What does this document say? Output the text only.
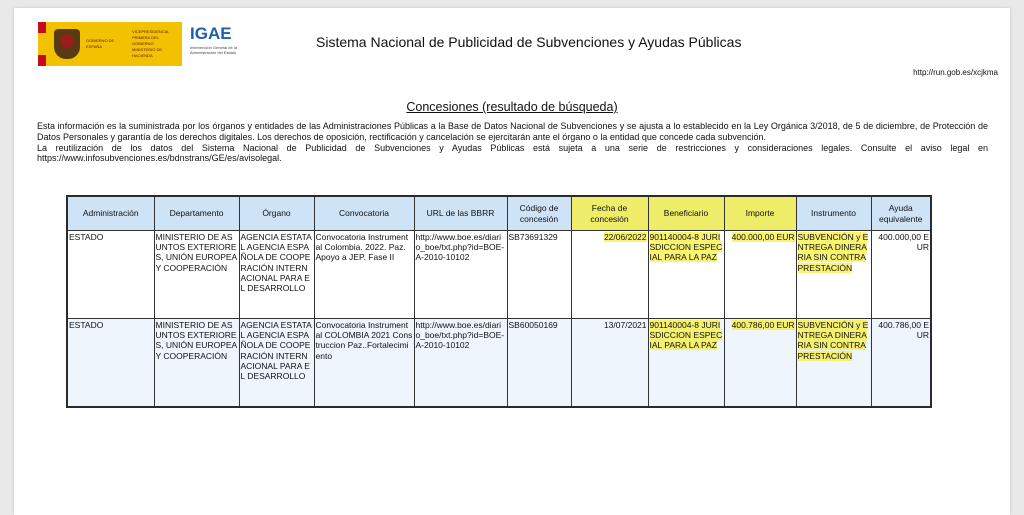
GOBIERNO DE ESPAÑA
VICEPRESIDENCIA PRIMERA DEL GOBIERNO
MINISTERIO DE HACIENDA
IGAE
Intervención General de la Administración del Estado
Sistema Nacional de Publicidad de Subvenciones y Ayudas Públicas
http://run.gob.es/xcjkma
Concesiones (resultado de búsqueda)

Esta información es la suministrada por los órganos y entidades de las Administraciones Públicas a la Base de Datos Nacional de Subvenciones y se ajusta a lo establecido en la Ley Orgánica 3/2018, de 5 de diciembre, de Protección de Datos Personales y garantía de los derechos digitales. Los derechos de oposición, rectificación y cancelación se ejercitarán ante el órgano o la entidad que concede cada subvención.

La reutilización de los datos del Sistema Nacional de Publicidad de Subvenciones y Ayudas Públicas está sujeta a una serie de restricciones y consideraciones legales. Consulte el aviso legal en https://www.infosubvenciones.es/bdnstrans/GE/es/avisolegal.

Administración	Departamento	Órgano	Convocatoria	URL de las BBRR	Código de concesión	Fecha de concesión	Beneficiario	Importe	Instrumento	Ayuda equivalente
ESTADO	MINISTERIO DE ASUNTOS EXTERIORES, UNIÓN EUROPEA Y COOPERACIÓN	AGENCIA ESTATAL AGENCIA ESPAÑOLA DE COOPERACIÓN INTERNACIONAL PARA EL DESARROLLO	Convocatoria Instrumental Colombia. 2022. Paz. Apoyo a JEP. Fase II	http://www.boe.es/diario_boe/txt.php?id=BOE-A-2010-10102	SB73691329	22/06/2022	901140004-8 JURISDICCION ESPECIAL PARA LA PAZ	400.000,00 EUR	SUBVENCIÓN y ENTREGA DINERARIA SIN CONTRAPRESTACIÓN	400.000,00 EUR
ESTADO	MINISTERIO DE ASUNTOS EXTERIORES, UNIÓN EUROPEA Y COOPERACIÓN	AGENCIA ESTATAL AGENCIA ESPAÑOLA DE COOPERACIÓN INTERNACIONAL PARA EL DESARROLLO	Convocatoria Instrumental COLOMBIA 2021 Construccion Paz..Fortalecimiento	http://www.boe.es/diario_boe/txt.php?id=BOE-A-2010-10102	SB60050169	13/07/2021	901140004-8 JURISDICCION ESPECIAL PARA LA PAZ	400.786,00 EUR	SUBVENCIÓN y ENTREGA DINERARIA SIN CONTRAPRESTACIÓN	400.786,00 EUR
